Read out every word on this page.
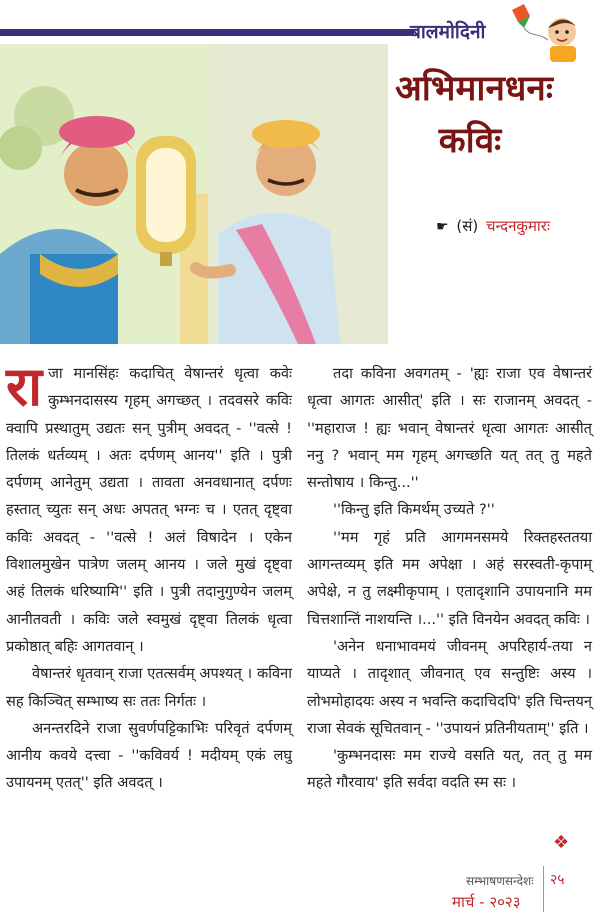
बालमोदिनी
अभिमानधनः
कविः
☛ (सं) चन्दनकुमारः

राजा मानसिंहः कदाचित् वेषान्तरं धृत्वा कवेः कुम्भनदासस्य गृहम् अगच्छत् । तदवसरे कविः क्वापि प्रस्थातुम् उद्यतः सन् पुत्रीम् अवदत् - ''वत्से ! तिलकं धर्तव्यम् । अतः दर्पणम् आनय'' इति । पुत्री दर्पणम् आनेतुम् उद्यता । तावता अनवधानात् दर्पणः हस्तात् च्युतः सन् अधः अपतत् भग्नः च । एतत् दृष्ट्वा कविः अवदत् - ''वत्से ! अलं विषादेन । एकेन विशालमुखेन पात्रेण जलम् आनय । जले मुखं दृष्ट्वा अहं तिलकं धरिष्यामि'' इति । पुत्री तदानुगुण्येन जलम् आनीतवती । कविः जले स्वमुखं दृष्ट्वा तिलकं धृत्वा प्रकोष्ठात् बहिः आगतवान् ।

वेषान्तरं धृतवान् राजा एतत्सर्वम् अपश्यत् । कविना सह किञ्चित् सम्भाष्य सः ततः निर्गतः ।

अनन्तरदिने राजा सुवर्णपट्टिकाभिः परिवृतं दर्पणम् आनीय कवये दत्त्वा - ''कविवर्य ! मदीयम् एकं लघु उपायनम् एतत्'' इति अवदत् ।

तदा कविना अवगतम् - 'ह्यः राजा एव वेषान्तरं धृत्वा आगतः आसीत्' इति । सः राजानम् अवदत् - ''महाराज ! ह्यः भवान् वेषान्तरं धृत्वा आगतः आसीत् ननु ? भवान् मम गृहम् अगच्छति यत् तत् तु महते सन्तोषाय । किन्तु...''

''किन्तु इति किमर्थम् उच्यते ?''

''मम गृहं प्रति आगमनसमये रिक्तहस्ततया आगन्तव्यम् इति मम अपेक्षा । अहं सरस्वती-कृपाम् अपेक्षे, न तु लक्ष्मीकृपाम् । एतादृशानि उपायनानि मम चित्तशान्तिं नाशयन्ति ।...'' इति विनयेन अवदत् कविः ।

'अनेन धनाभावमयं जीवनम् अपरिहार्य-तया न याप्यते । तादृशात् जीवनात् एव सन्तुष्टिः अस्य । लोभमोहादयः अस्य न भवन्ति कदाचिदपि' इति चिन्तयन् राजा सेवकं सूचितवान् - ''उपायनं प्रतिनीयताम्'' इति ।

'कुम्भनदासः मम राज्ये वसति यत्, तत् तु मम महते गौरवाय' इति सर्वदा वदति स्म सः ।

❖
सम्भाषणसन्देशः २५
मार्च - २०२३
